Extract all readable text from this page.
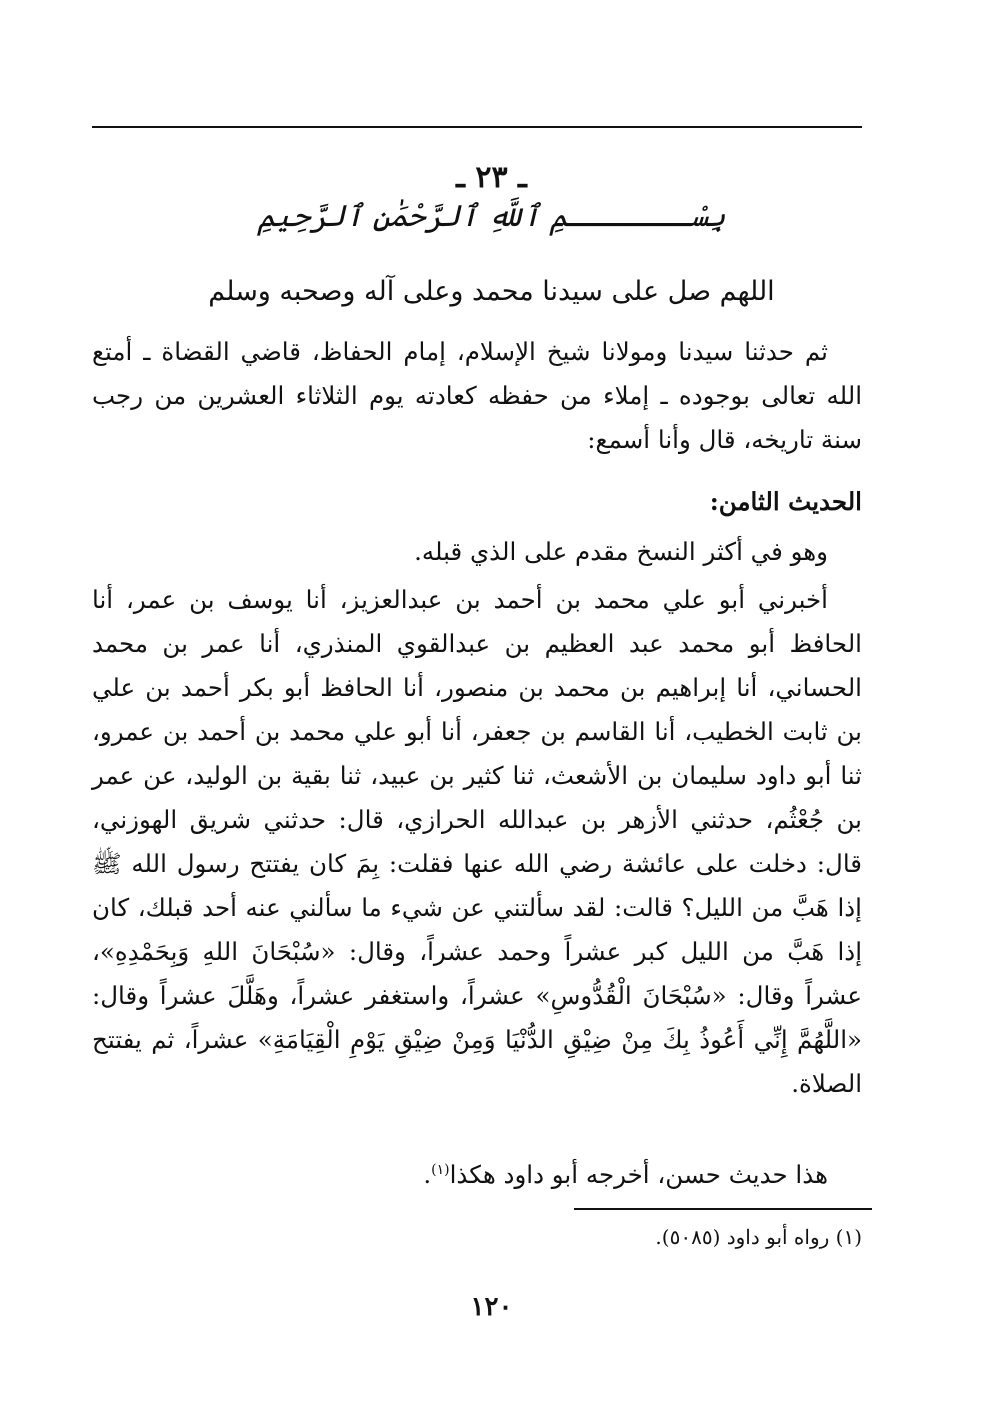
ـ ٢٣ ـ
بِسْـــــــمِ ٱللَّهِ ٱلرَّحْمَٰنِ ٱلرَّحِيمِ
اللهم صل على سيدنا محمد وعلى آله وصحبه وسلم

ثم حدثنا سيدنا ومولانا شيخ الإسلام، إمام الحفاظ، قاضي القضاة ـ أمتع الله تعالى بوجوده ـ إملاء من حفظه كعادته يوم الثلاثاء العشرين من رجب سنة تاريخه، قال وأنا أسمع:

الحديث الثامن:

وهو في أكثر النسخ مقدم على الذي قبله.

أخبرني أبو علي محمد بن أحمد بن عبدالعزيز، أنا يوسف بن عمر، أنا الحافظ أبو محمد عبد العظيم بن عبدالقوي المنذري، أنا عمر بن محمد الحساني، أنا إبراهيم بن محمد بن منصور، أنا الحافظ أبو بكر أحمد بن علي بن ثابت الخطيب، أنا القاسم بن جعفر، أنا أبو علي محمد بن أحمد بن عمرو، ثنا أبو داود سليمان بن الأشعث، ثنا كثير بن عبيد، ثنا بقية بن الوليد، عن عمر بن جُعْثُم، حدثني الأزهر بن عبدالله الحرازي، قال: حدثني شريق الهوزني، قال: دخلت على عائشة رضي الله عنها فقلت: بِمَ كان يفتتح رسول الله ﷺ إذا هَبَّ من الليل؟ قالت: لقد سألتني عن شيء ما سألني عنه أحد قبلك، كان إذا هَبَّ من الليل كبر عشراً وحمد عشراً، وقال: «سُبْحَانَ اللهِ وَبِحَمْدِهِ»، عشراً وقال: «سُبْحَانَ الْقُدُّوسِ» عشراً، واستغفر عشراً، وهَلَّلَ عشراً وقال: «اللَّهُمَّ إِنِّي أَعُوذُ بِكَ مِنْ ضِيْقِ الدُّنْيَا وَمِنْ ضِيْقِ يَوْمِ الْقِيَامَةِ» عشراً، ثم يفتتح الصلاة.

هذا حديث حسن، أخرجه أبو داود هكذا$^{(١)}$.

(١) رواه أبو داود (٥٠٨٥).
١٢٠
